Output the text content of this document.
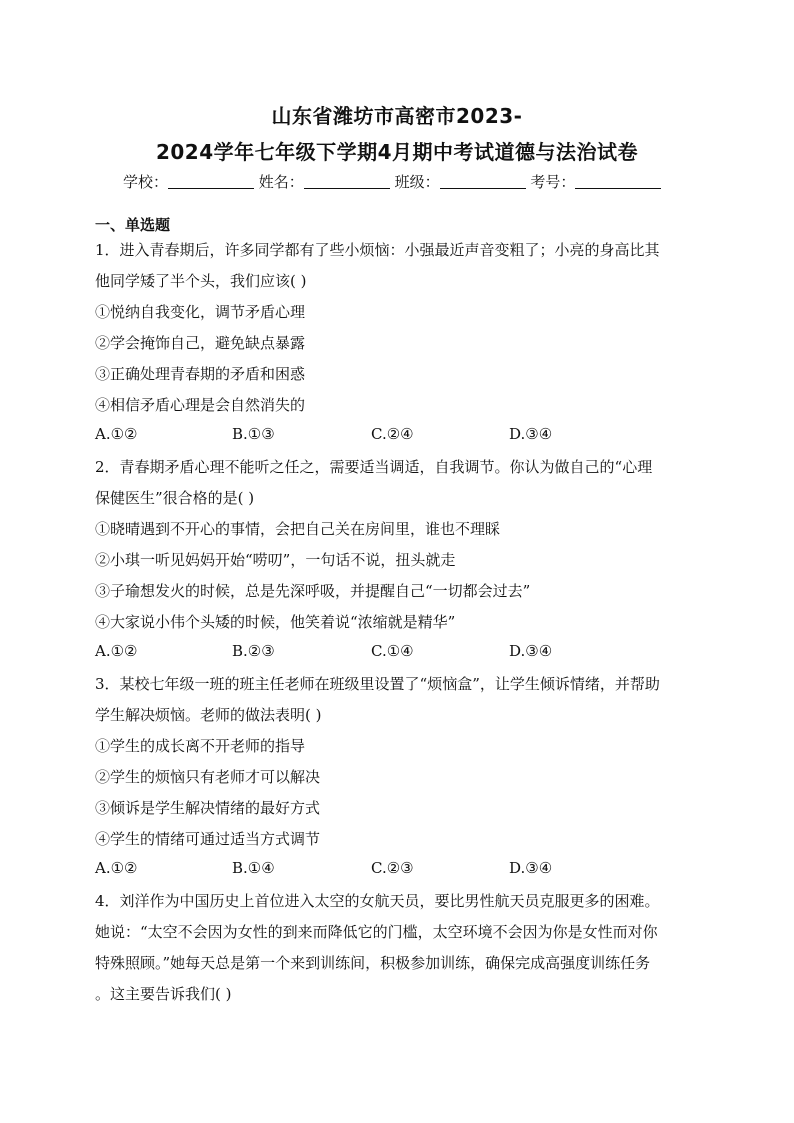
山东省潍坊市高密市2023-
2024学年七年级下学期4月期中考试道德与法治试卷
学校：	姓名：	班级：	考号：
一、单选题
1．进入青春期后，许多同学都有了些小烦恼：小强最近声音变粗了；小亮的身高比其
他同学矮了半个头，我们应该( )
①悦纳自我变化，调节矛盾心理
②学会掩饰自己，避免缺点暴露
③正确处理青春期的矛盾和困惑
④相信矛盾心理是会自然消失的
A.①②	B.①③	C.②④	D.③④
2．青春期矛盾心理不能听之任之，需要适当调适，自我调节。你认为做自己的“心理
保健医生”很合格的是( )
①晓晴遇到不开心的事情，会把自己关在房间里，谁也不理睬
②小琪一听见妈妈开始“唠叨”，一句话不说，扭头就走
③子瑜想发火的时候，总是先深呼吸，并提醒自己“一切都会过去”
④大家说小伟个头矮的时候，他笑着说“浓缩就是精华”
A.①②	B.②③	C.①④	D.③④
3．某校七年级一班的班主任老师在班级里设置了“烦恼盒”，让学生倾诉情绪，并帮助
学生解决烦恼。老师的做法表明( )
①学生的成长离不开老师的指导
②学生的烦恼只有老师才可以解决
③倾诉是学生解决情绪的最好方式
④学生的情绪可通过适当方式调节
A.①②	B.①④	C.②③	D.③④
4．刘洋作为中国历史上首位进入太空的女航天员，要比男性航天员克服更多的困难。
她说：“太空不会因为女性的到来而降低它的门槛，太空环境不会因为你是女性而对你
特殊照顾。”她每天总是第一个来到训练间，积极参加训练，确保完成高强度训练任务
。这主要告诉我们( )
